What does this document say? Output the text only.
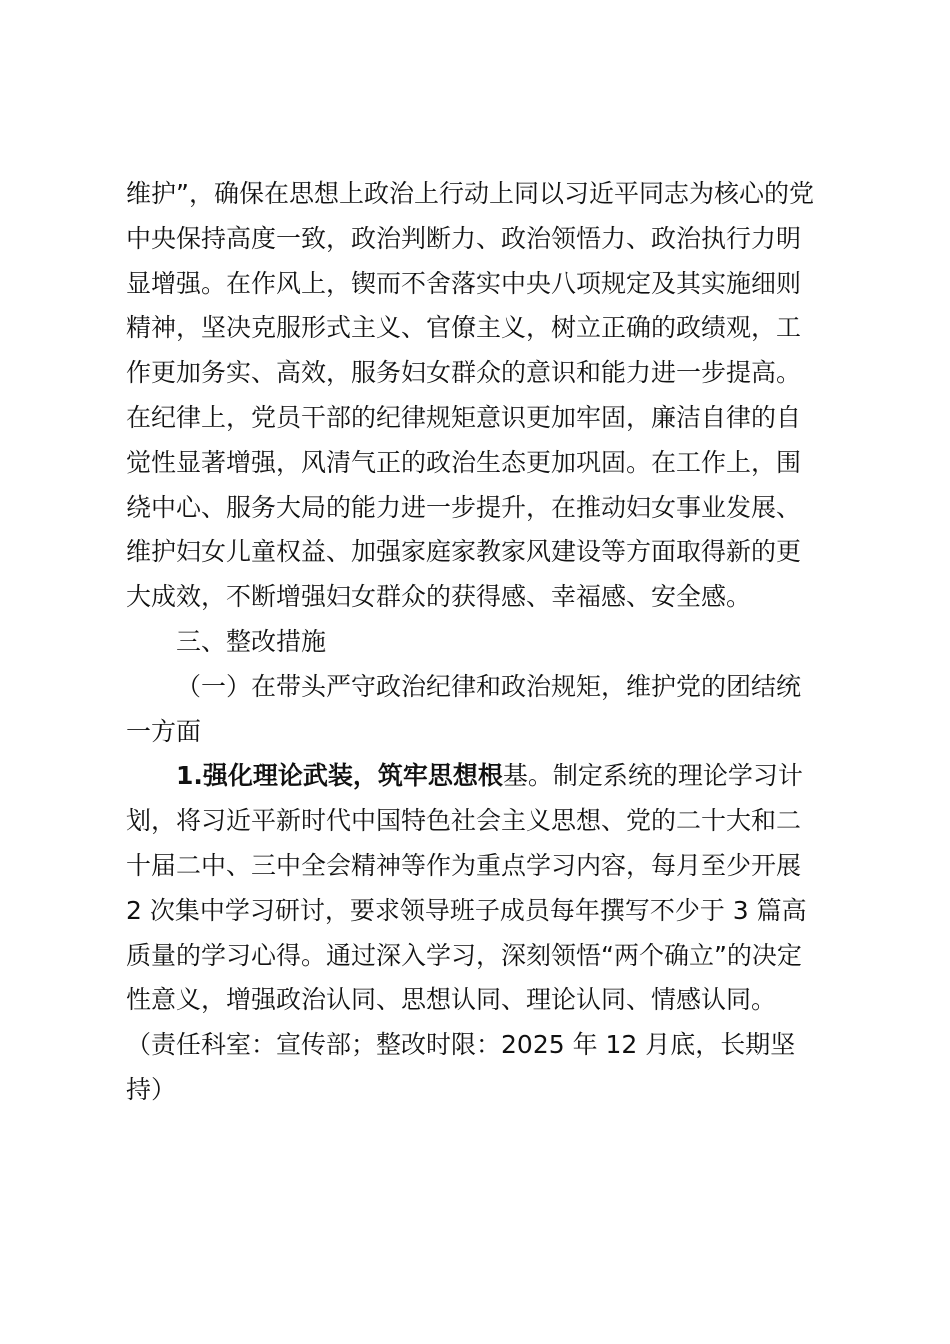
维护”，确保在思想上政治上行动上同以习近平同志为核心的党
中央保持高度一致，政治判断力、政治领悟力、政治执行力明
显增强。在作风上，锲而不舍落实中央八项规定及其实施细则
精神，坚决克服形式主义、官僚主义，树立正确的政绩观，工
作更加务实、高效，服务妇女群众的意识和能力进一步提高。
在纪律上，党员干部的纪律规矩意识更加牢固，廉洁自律的自
觉性显著增强，风清气正的政治生态更加巩固。在工作上，围
绕中心、服务大局的能力进一步提升，在推动妇女事业发展、
维护妇女儿童权益、加强家庭家教家风建设等方面取得新的更
大成效，不断增强妇女群众的获得感、幸福感、安全感。
三、整改措施
（一）在带头严守政治纪律和政治规矩，维护党的团结统
一方面
1.强化理论武装，筑牢思想根基。制定系统的理论学习计
划，将习近平新时代中国特色社会主义思想、党的二十大和二
十届二中、三中全会精神等作为重点学习内容，每月至少开展
2 次集中学习研讨，要求领导班子成员每年撰写不少于 3 篇高
质量的学习心得。通过深入学习，深刻领悟“两个确立”的决定
性意义，增强政治认同、思想认同、理论认同、情感认同。
（责任科室：宣传部；整改时限：2025 年 12 月底，长期坚
持）
